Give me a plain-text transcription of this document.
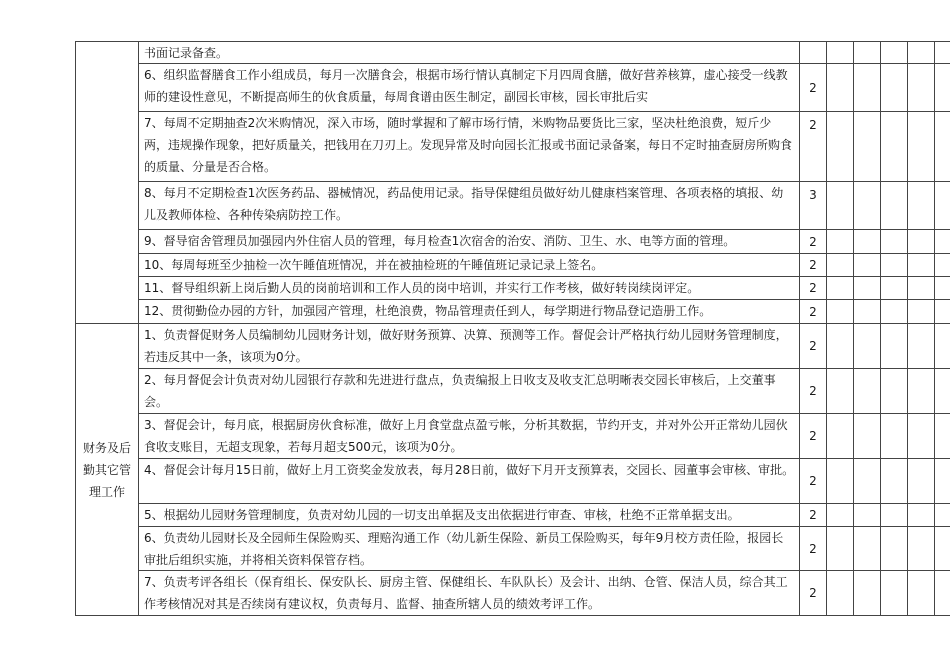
	书面记录备查。						

	6、组织监督膳食工作小组成员，每月一次膳食会，根据市场行情认真制定下月四周食膳，做好营养核算，虚心接受一线教师的建设性意见，不断提高师生的伙食质量，每周食谱由医生制定，副园长审核，园长审批后实	2					

	7、每周不定期抽查2次米购情况，深入市场，随时掌握和了解市场行情，米购物品要货比三家，坚决杜绝浪费，短斤少两，违规操作现象，把好质量关，把钱用在刀刃上。发现异常及时向园长汇报或书面记录备案，每日不定时抽查厨房所购食的质量、分量是否合格。	2					

	8、每月不定期检查1次医务药品、器械情况，药品使用记录。指导保健组员做好幼儿健康档案管理、各项表格的填报、幼儿及教师体检、各种传染病防控工作。	3					

	9、督导宿舍管理员加强园内外住宿人员的管理，每月检查1次宿舍的治安、消防、卫生、水、电等方面的管理。	2					

	10、每周每班至少抽检一次午睡值班情况，并在被抽检班的午睡值班记录记录上签名。	2					

	11、督导组织新上岗后勤人员的岗前培训和工作人员的岗中培训，并实行工作考核，做好转岗续岗评定。	2					

	12、贯彻勤俭办园的方针，加强园产管理，杜绝浪费，物品管理责任到人，每学期进行物品登记造册工作。	2					
财务及后勤其它管理工作	1、负责督促财务人员编制幼儿园财务计划，做好财务预算、决算、预测等工作。督促会计严格执行幼儿园财务管理制度，若违反其中一条，该项为0分。	2					

	2、每月督促会计负责对幼儿园银行存款和先进进行盘点，负责编报上日收支及收支汇总明晰表交园长审核后，上交董事会。	2					

	3、督促会计，每月底，根据厨房伙食标准，做好上月食堂盘点盈亏帐，分析其数据，节约开支，并对外公开正常幼儿园伙食收支账目，无超支现象，若每月超支500元，该项为0分。	2					

	4、督促会计每月15日前，做好上月工资奖金发放表，每月28日前，做好下月开支预算表，交园长、园董事会审核、审批。	2					

	5、根据幼儿园财务管理制度，负责对幼儿园的一切支出单据及支出依据进行审查、审核，杜绝不正常单据支出。	2					

	6、负责幼儿园财长及全园师生保险购买、理赔沟通工作（幼儿新生保险、新员工保险购买，每年9月校方责任险，报园长审批后组织实施，并将相关资料保管存档。	2					

	7、负责考评各组长（保育组长、保安队长、厨房主管、保健组长、车队队长）及会计、出纳、仓管、保洁人员，综合其工作考核情况对其是否续岗有建议权，负责每月、监督、抽查所辖人员的绩效考评工作。	2					
